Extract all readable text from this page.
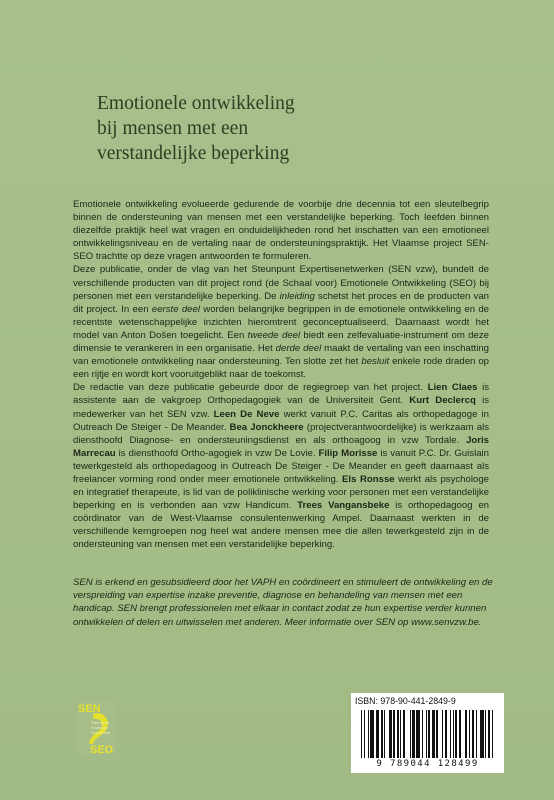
Emotionele ontwikkeling
bij mensen met een
verstandelijke beperking

Emotionele ontwikkeling evolueerde gedurende de voorbije drie decennia tot een sleutelbegrip binnen de ondersteuning van mensen met een verstandelijke beperking. Toch leefden binnen diezelfde praktijk heel wat vragen en onduidelijkheden rond het inschatten van een emotioneel ontwikkelingsniveau en de vertaling naar de ondersteuningspraktijk. Het Vlaamse project SEN-SEO trachtte op deze vragen antwoorden te formuleren.

Deze publicatie, onder de vlag van het Steunpunt Expertisenetwerken (SEN vzw), bundelt de verschillende producten van dit project rond (de Schaal voor) Emotionele Ontwikkeling (SEO) bij personen met een verstandelijke beperking. De inleiding schetst het proces en de producten van dit project. In een eerste deel worden belangrijke begrippen in de emotionele ontwikkeling en de recentste wetenschappelijke inzichten hieromtrent geconceptualiseerd. Daarnaast wordt het model van Anton Došen toegelicht. Een tweede deel biedt een zelfevaluatie-instrument om deze dimensie te verankeren in een organisatie. Het derde deel maakt de vertaling van een inschatting van emotionele ontwikkeling naar ondersteuning. Ten slotte zet het besluit enkele rode draden op een rijtje en wordt kort vooruitgeblikt naar de toekomst.

De redactie van deze publicatie gebeurde door de regiegroep van het project. Lien Claes is assistente aan de vakgroep Orthopedagogiek van de Universiteit Gent. Kurt Declercq is medewerker van het SEN vzw. Leen De Neve werkt vanuit P.C. Caritas als orthopedagoge in Outreach De Steiger - De Meander. Bea Jonckheere (projectverantwoordelijke) is werkzaam als diensthoofd Diagnose- en ondersteuningsdienst en als orthoagoog in vzw Tordale. Joris Marrecau is diensthoofd Ortho-agogiek in vzw De Lovie. Filip Morisse is vanuit P.C. Dr. Guislain tewerkgesteld als orthopedagoog in Outreach De Steiger - De Meander en geeft daarnaast als freelancer vorming rond onder meer emotionele ontwikkeling. Els Ronsse werkt als psychologe en integratief therapeute, is lid van de poliklinische werking voor personen met een verstandelijke beperking en is verbonden aan vzw Handicum. Trees Vangansbeke is orthopedagoog en coördinator van de West-Vlaamse consulentenwerking Ampel. Daarnaast werkten in de verschillende kerngroepen nog heel wat andere mensen mee die allen tewerkgesteld zijn in de ondersteuning van mensen met een verstandelijke beperking.

SEN is erkend en gesubsidieerd door het VAPH en coördineert en stimuleert de ontwikkeling en de verspreiding van expertise inzake preventie, diagnose en behandeling van mensen met een handicap. SEN brengt professionelen met elkaar in contact zodat ze hun expertise verder kunnen ontwikkelen of delen en uitwisselen met anderen. Meer informatie over SEN op www.senvzw.be.

SEN
Steunpunt
Expertise
Netwerken
SEO
ISBN: 978-90-441-2849-9
9 789044 128499
